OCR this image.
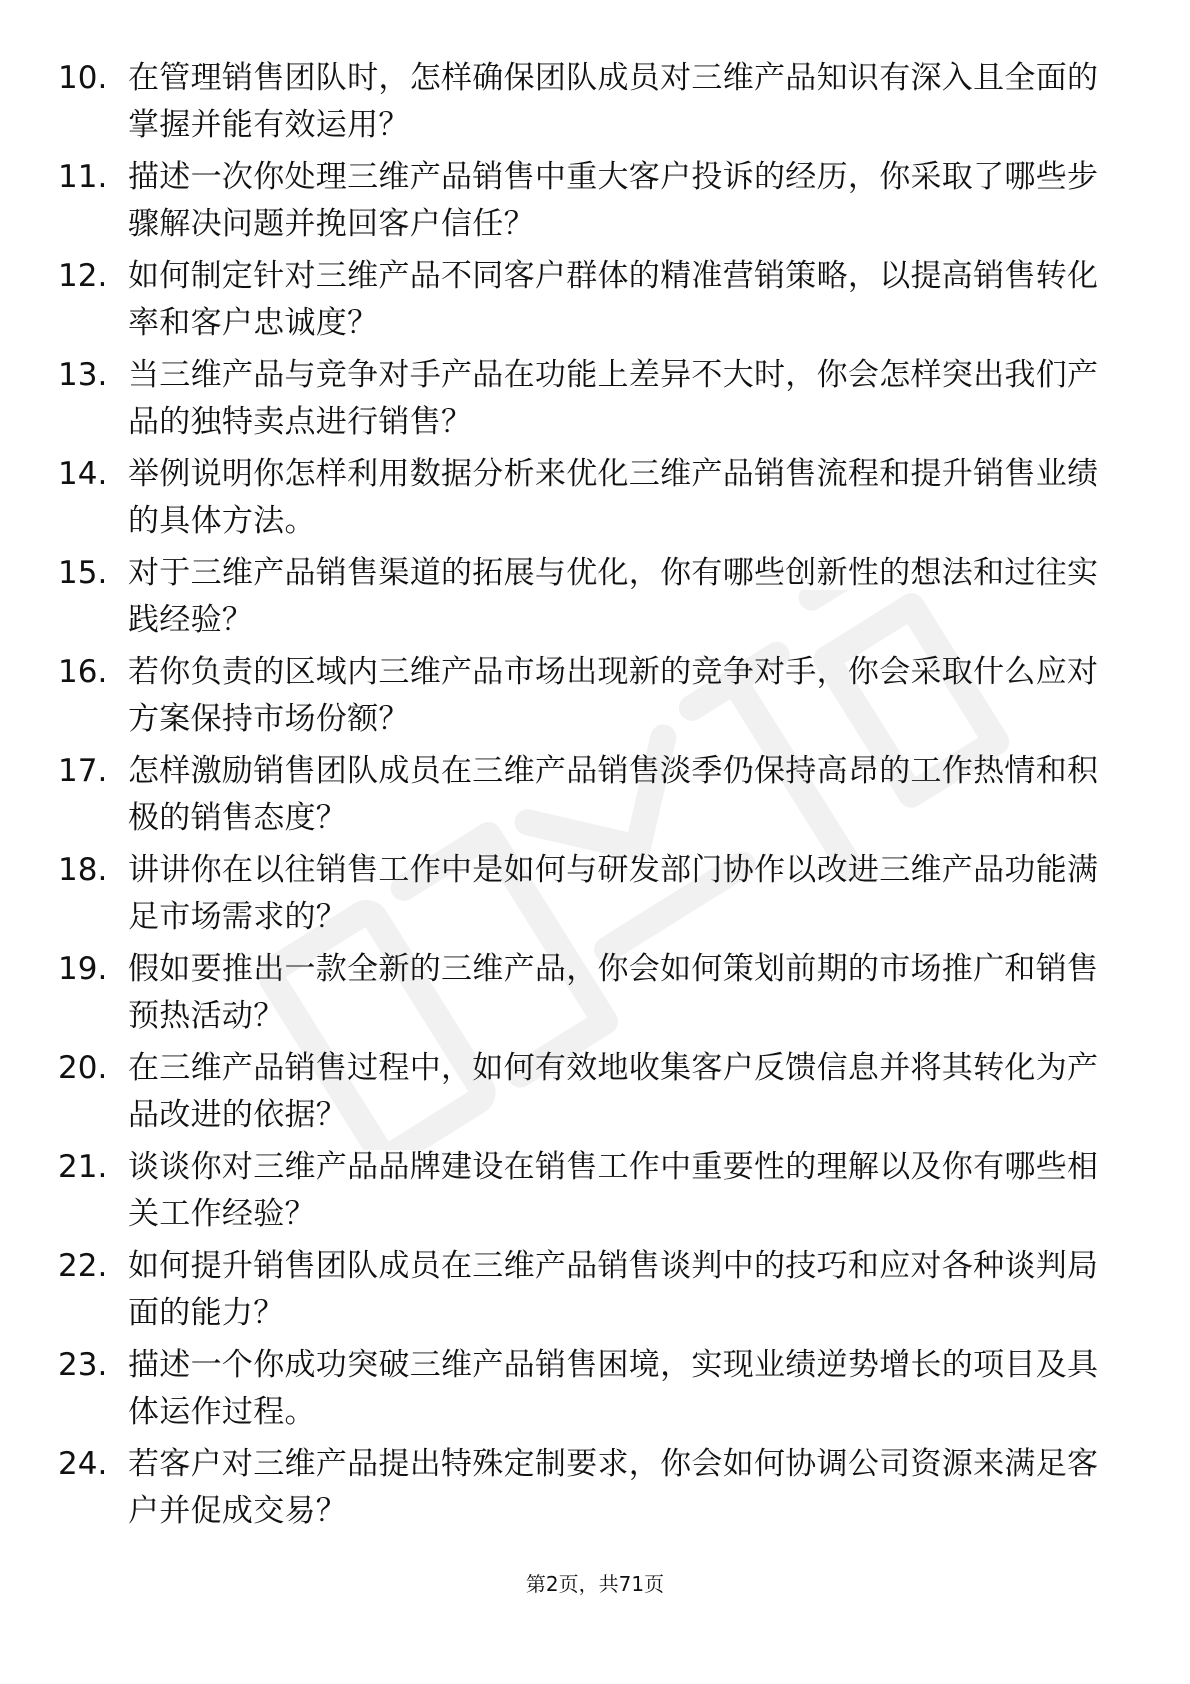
10. 在管理销售团队时，怎样确保团队成员对三维产品知识有深入且全面的掌握并能有效运用？
11. 描述一次你处理三维产品销售中重大客户投诉的经历，你采取了哪些步骤解决问题并挽回客户信任？
12. 如何制定针对三维产品不同客户群体的精准营销策略，以提高销售转化率和客户忠诚度？
13. 当三维产品与竞争对手产品在功能上差异不大时，你会怎样突出我们产品的独特卖点进行销售？
14. 举例说明你怎样利用数据分析来优化三维产品销售流程和提升销售业绩的具体方法。
15. 对于三维产品销售渠道的拓展与优化，你有哪些创新性的想法和过往实践经验？
16. 若你负责的区域内三维产品市场出现新的竞争对手，你会采取什么应对方案保持市场份额？
17. 怎样激励销售团队成员在三维产品销售淡季仍保持高昂的工作热情和积极的销售态度？
18. 讲讲你在以往销售工作中是如何与研发部门协作以改进三维产品功能满足市场需求的？
19. 假如要推出一款全新的三维产品，你会如何策划前期的市场推广和销售预热活动？
20. 在三维产品销售过程中，如何有效地收集客户反馈信息并将其转化为产品改进的依据？
21. 谈谈你对三维产品品牌建设在销售工作中重要性的理解以及你有哪些相关工作经验？
22. 如何提升销售团队成员在三维产品销售谈判中的技巧和应对各种谈判局面的能力？
23. 描述一个你成功突破三维产品销售困境，实现业绩逆势增长的项目及具体运作过程。
24. 若客户对三维产品提出特殊定制要求，你会如何协调公司资源来满足客户并促成交易？
第2页，共71页
